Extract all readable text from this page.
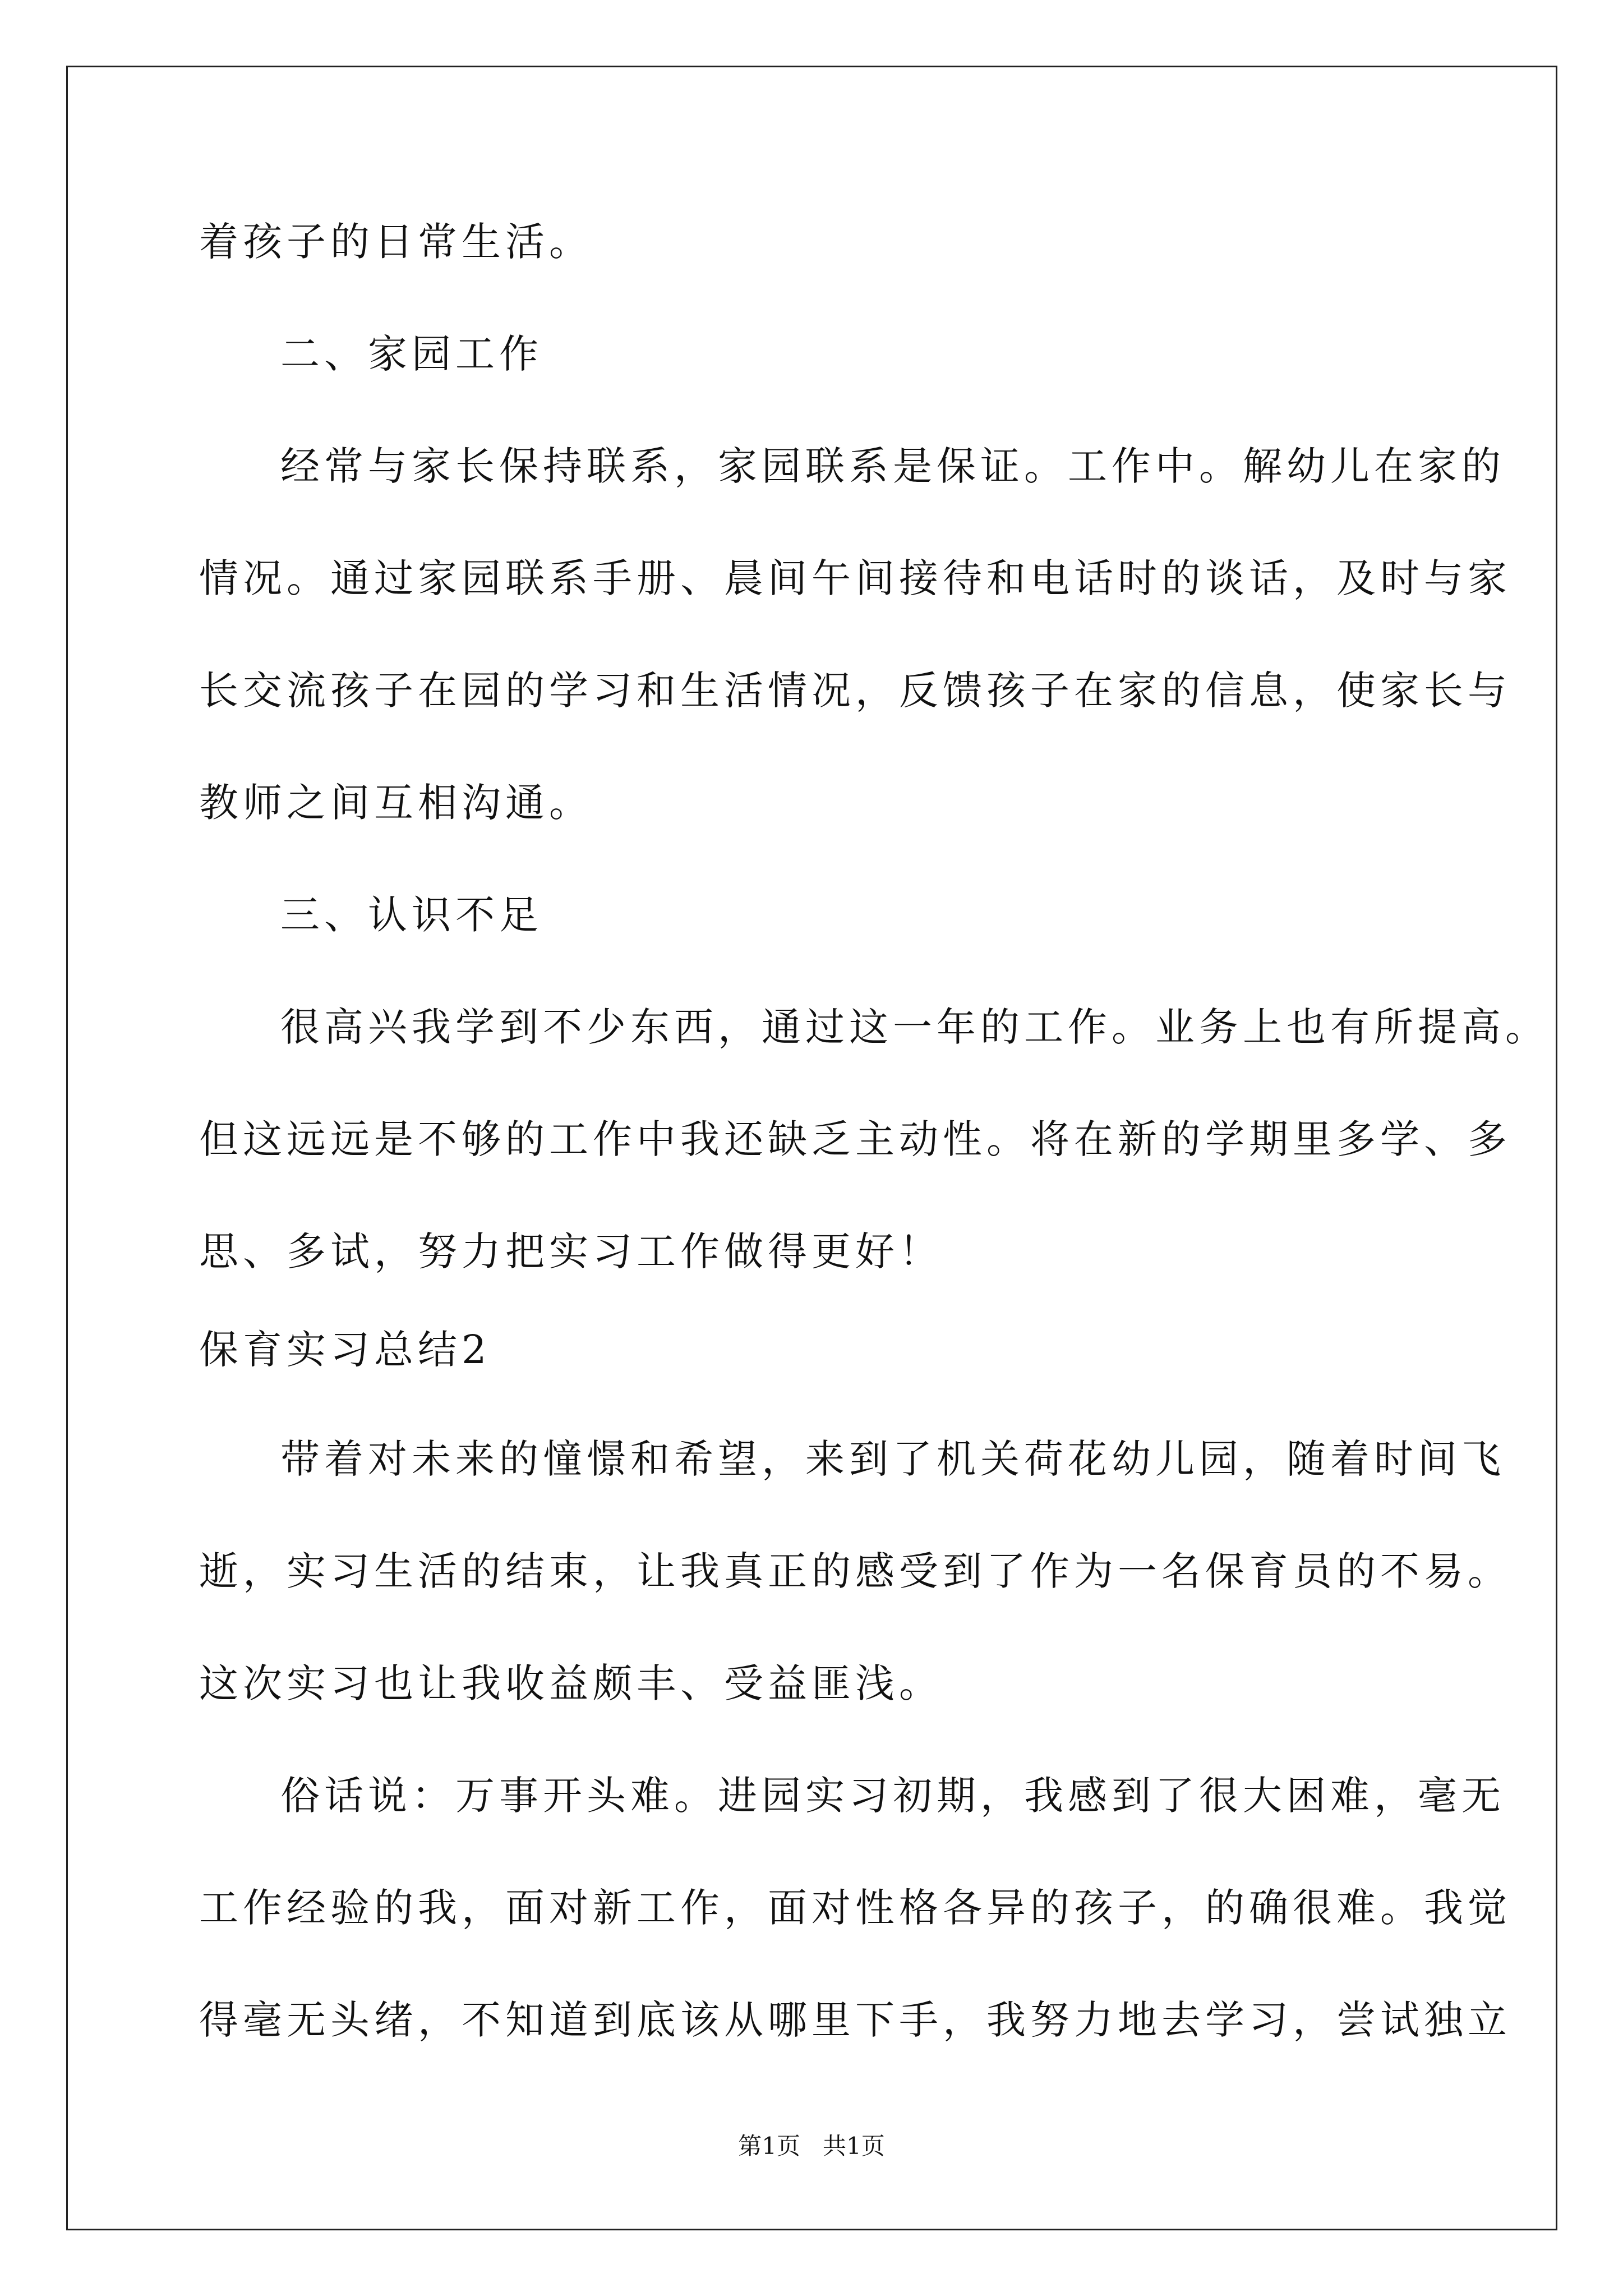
着孩子的日常生活。
二、家园工作
经常与家长保持联系，家园联系是保证。工作中。解幼儿在家的
情况。通过家园联系手册、晨间午间接待和电话时的谈话，及时与家
长交流孩子在园的学习和生活情况，反馈孩子在家的信息，使家长与
教师之间互相沟通。
三、认识不足
很高兴我学到不少东西，通过这一年的工作。业务上也有所提高。
但这远远是不够的工作中我还缺乏主动性。将在新的学期里多学、多
思、多试，努力把实习工作做得更好！
保育实习总结2
带着对未来的憧憬和希望，来到了机关荷花幼儿园，随着时间飞
逝，实习生活的结束，让我真正的感受到了作为一名保育员的不易。
这次实习也让我收益颇丰、受益匪浅。
俗话说：万事开头难。进园实习初期，我感到了很大困难，毫无
工作经验的我，面对新工作，面对性格各异的孩子，的确很难。我觉
得毫无头绪，不知道到底该从哪里下手，我努力地去学习，尝试独立
第1页   共1页
